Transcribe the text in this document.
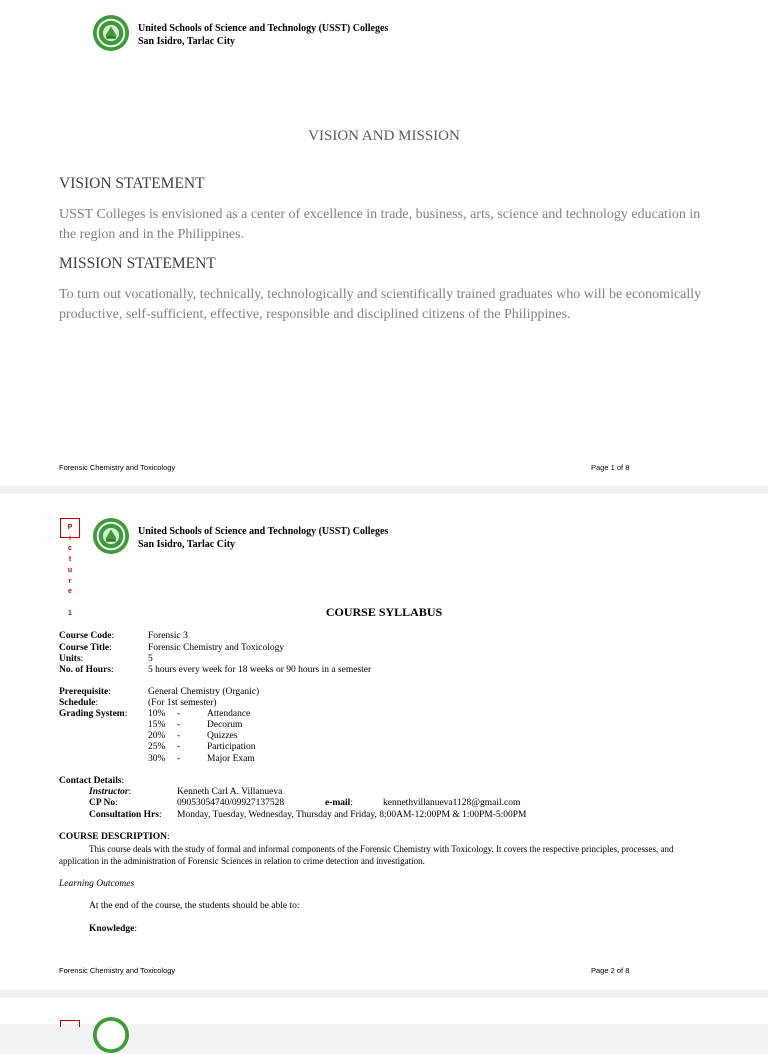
United Schools of Science and Technology (USST) Colleges
San Isidro, Tarlac City
VISION AND MISSION
VISION STATEMENT
USST Colleges is envisioned as a center of excellence in trade, business, arts, science and technology education in the region and in the Philippines.
MISSION STATEMENT
To turn out vocationally, technically, technologically and scientifically trained graduates who will be economically productive, self-sufficient, effective, responsible and disciplined citizens of the Philippines.
Forensic Chemistry and Toxicology	Page 1 of 8
P
i
c
t
u
r
e

1
United Schools of Science and Technology (USST) Colleges
San Isidro, Tarlac City
COURSE SYLLABUS
Course Code:	Forensic 3
Course Title:	Forensic Chemistry and Toxicology
Units:	5
No. of Hours:	5 hours every week for 18 weeks or 90 hours in a semester
Prerequisite:	General Chemistry (Organic)
Schedule:	(For 1st semester)
Grading System: 10% -	Attendance
15% -	Decorum
20% -	Quizzes
25% -	Participation
30% -	Major Exam
Contact Details:
Instructor:	Kenneth Carl A. Villanueva
CP No:	09053054740/09927137528	e-mail:	kennethvillanueva1128@gmail.com
Consultation Hrs: Monday, Tuesday, Wednesday, Thursday and Friday, 8:00AM-12:00PM & 1:00PM-5:00PM
COURSE DESCRIPTION:
This course deals with the study of formal and informal components of the Forensic Chemistry with Toxicology. It covers the respective principles, processes, and application in the administration of Forensic Sciences in relation to crime detection and investigation.
Learning Outcomes
At the end of the course, the students should be able to:
Knowledge:
Forensic Chemistry and Toxicology	Page 2 of 8
